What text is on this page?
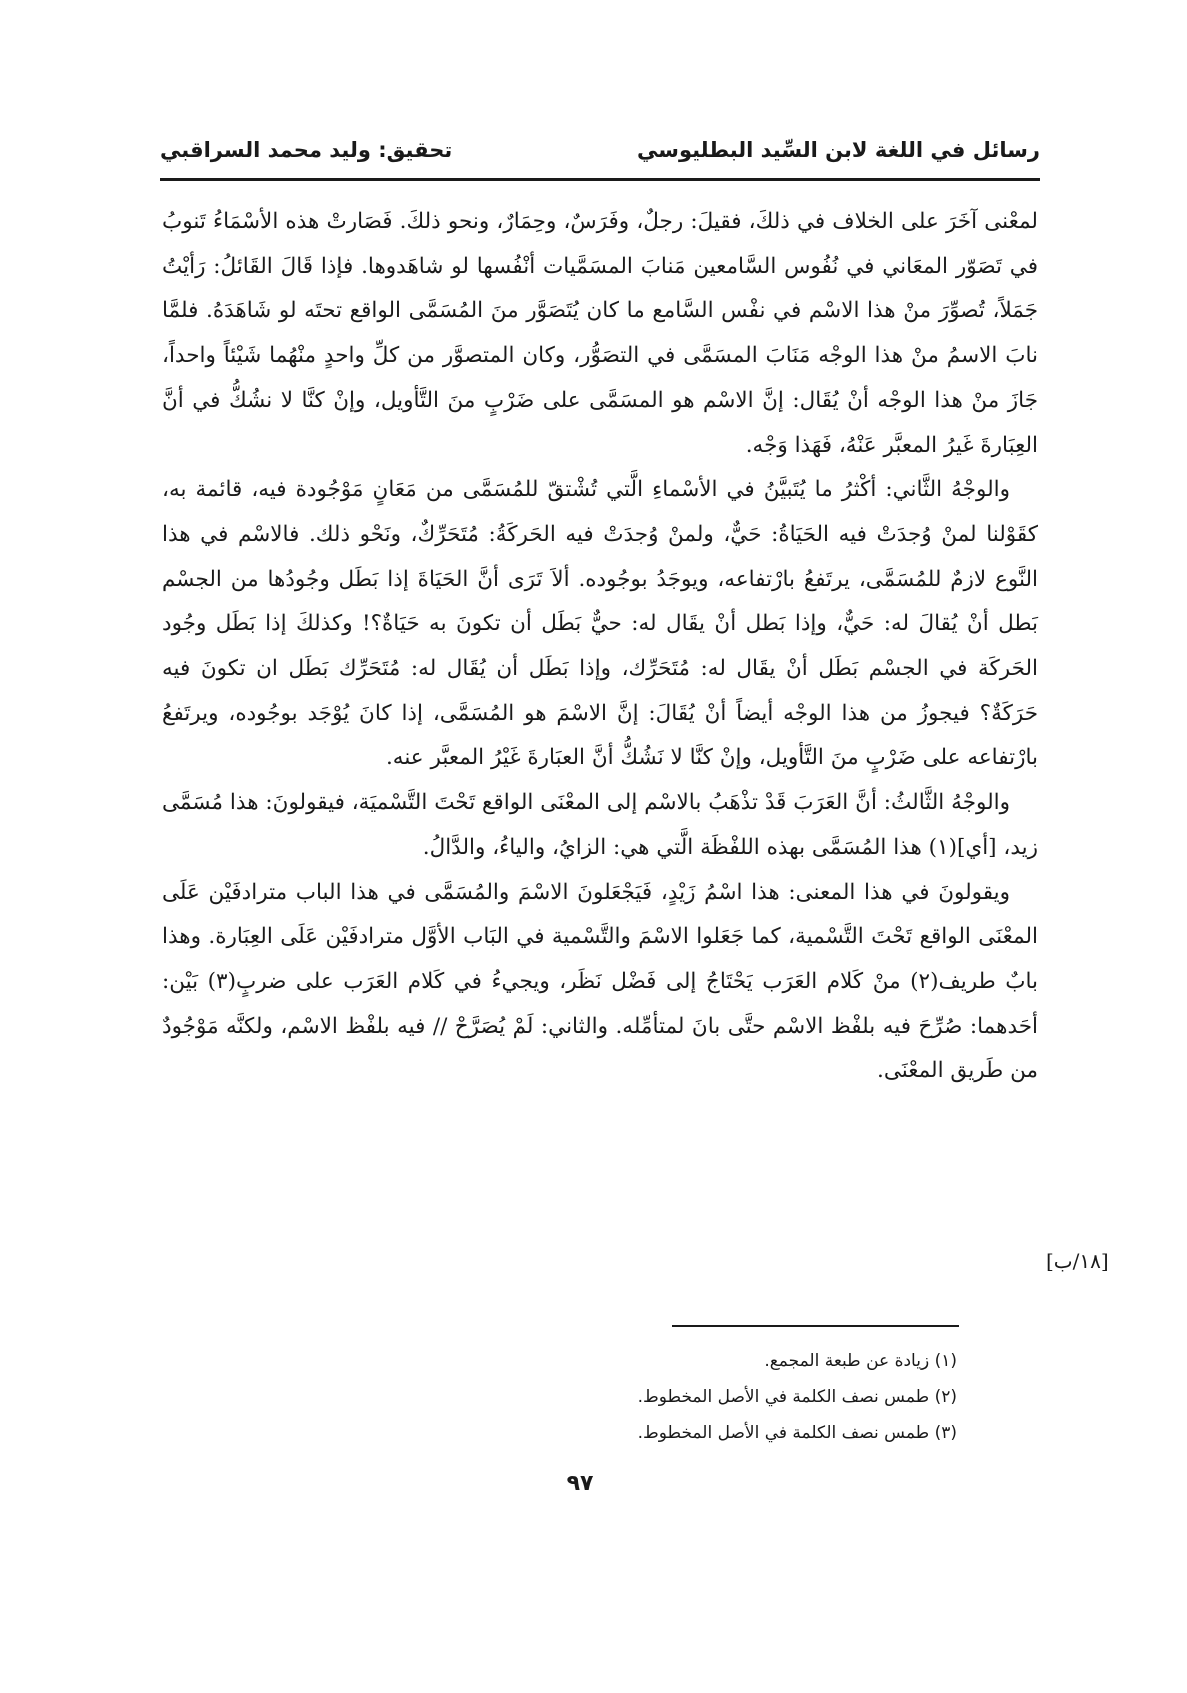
رسائل في اللغة لابن السِّيد البطليوسي
تحقيق: وليد محمد السراقبي

لمعْنى آخَرَ على الخلاف في ذلكَ، فقيلَ: رجلٌ، وفَرَسٌ، وحِمَارٌ، ونحو ذلكَ. فَصَارتْ هذه الأسْمَاءُ تَنوبُ في تَصَوّر المعَاني في نُفُوس السَّامعين مَنابَ المسَمَّيات أنْفُسها لو شاهَدوها. فإذا قَالَ القَائلُ: رَأيْتُ جَمَلاً، تُصوِّرَ منْ هذا الاسْم في نفْس السَّامع ما كان يُتَصَوَّر منَ المُسَمَّى الواقع تحتَه لو شَاهَدَهُ. فلمَّا نابَ الاسمُ منْ هذا الوجْه مَنَابَ المسَمَّى في التصَوُّر، وكان المتصوَّر من كلِّ واحدٍ منْهُما شَيْئاً واحداً، جَازَ منْ هذا الوجْه أنْ يُقَال: إنَّ الاسْم هو المسَمَّى على ضَرْبٍ منَ التَّأويل، وإنْ كنَّا لا نشُكُّ في أنَّ العِبَارةَ غَيرُ المعبَّر عَنْهُ، فَهَذا وَجْه.

والوجْهُ الثَّاني: أكْثرُ ما يُتَبيَّنُ في الأسْماءِ الَّتي تُشْتقّ للمُسَمَّى من مَعَانٍ مَوْجُودة فيه، قائمة به، كقَوْلنا لمنْ وُجدَتْ فيه الحَيَاةُ: حَيٌّ، ولمنْ وُجدَتْ فيه الحَركَةُ: مُتَحَرِّكٌ، ونَحْو ذلك. فالاسْم في هذا النَّوع لازمٌ للمُسَمَّى، يرتَفعُ بارْتفاعه، ويوجَدُ بوجُوده. ألاَ تَرَى أنَّ الحَيَاةَ إذا بَطَل وجُودُها من الجسْم بَطل أنْ يُقالَ له: حَيٌّ، وإذا بَطل أنْ يقَال له: حيٌّ بَطَل أن تكونَ به حَيَاةٌ؟! وكذلكَ إذا بَطَل وجُود الحَركَة في الجسْم بَطَل أنْ يقَال له: مُتَحَرِّك، وإذا بَطَل أن يُقَال له: مُتَحَرِّك بَطَل ان تكونَ فيه حَرَكَةٌ؟ فيجوزُ من هذا الوجْه أيضاً أنْ يُقَالَ: إنَّ الاسْمَ هو المُسَمَّى، إذا كانَ يُوْجَد بوجُوده، ويرتَفعُ بارْتفاعه على ضَرْبٍ منَ التَّأويل، وإنْ كنَّا لا نَشُكُّ أنَّ العبَارةَ غَيْرُ المعبَّر عنه.

والوجْهُ الثَّالثُ: أنَّ العَرَبَ قَدْ تذْهَبُ بالاسْم إلى المعْنَى الواقع تَحْتَ التَّسْميَة، فيقولونَ: هذا مُسَمَّى زيد، [أي](١) هذا المُسَمَّى بهذه اللفْظَة الَّتي هي: الزايُ، والياءُ، والدَّالُ.

ويقولونَ في هذا المعنى: هذا اسْمُ زَيْدٍ، فَيَجْعَلونَ الاسْمَ والمُسَمَّى في هذا الباب مترادفَيْن عَلَى المعْنَى الواقع تَحْتَ التَّسْمية، كما جَعَلوا الاسْمَ والتَّسْمية في البَاب الأوَّل مترادفَيْن عَلَى العِبَارة. وهذا بابٌ طريف(٢) منْ كَلام العَرَب يَحْتَاجُ إلى فَضْل نَظَر، ويجيءُ في كَلام العَرَب على ضربٍ(٣) بَيْن: أحَدهما: صُرِّحَ فيه بلفْظ الاسْم حتَّى بانَ لمتأمِّله. والثاني: لَمْ يُصَرَّحْ // فيه بلفْظ الاسْم، ولكنَّه مَوْجُودٌ من طَريق المعْنَى.

[١٨/ب]
(١) زيادة عن طبعة المجمع.
(٢) طمس نصف الكلمة في الأصل المخطوط.
(٣) طمس نصف الكلمة في الأصل المخطوط.
٩٧
